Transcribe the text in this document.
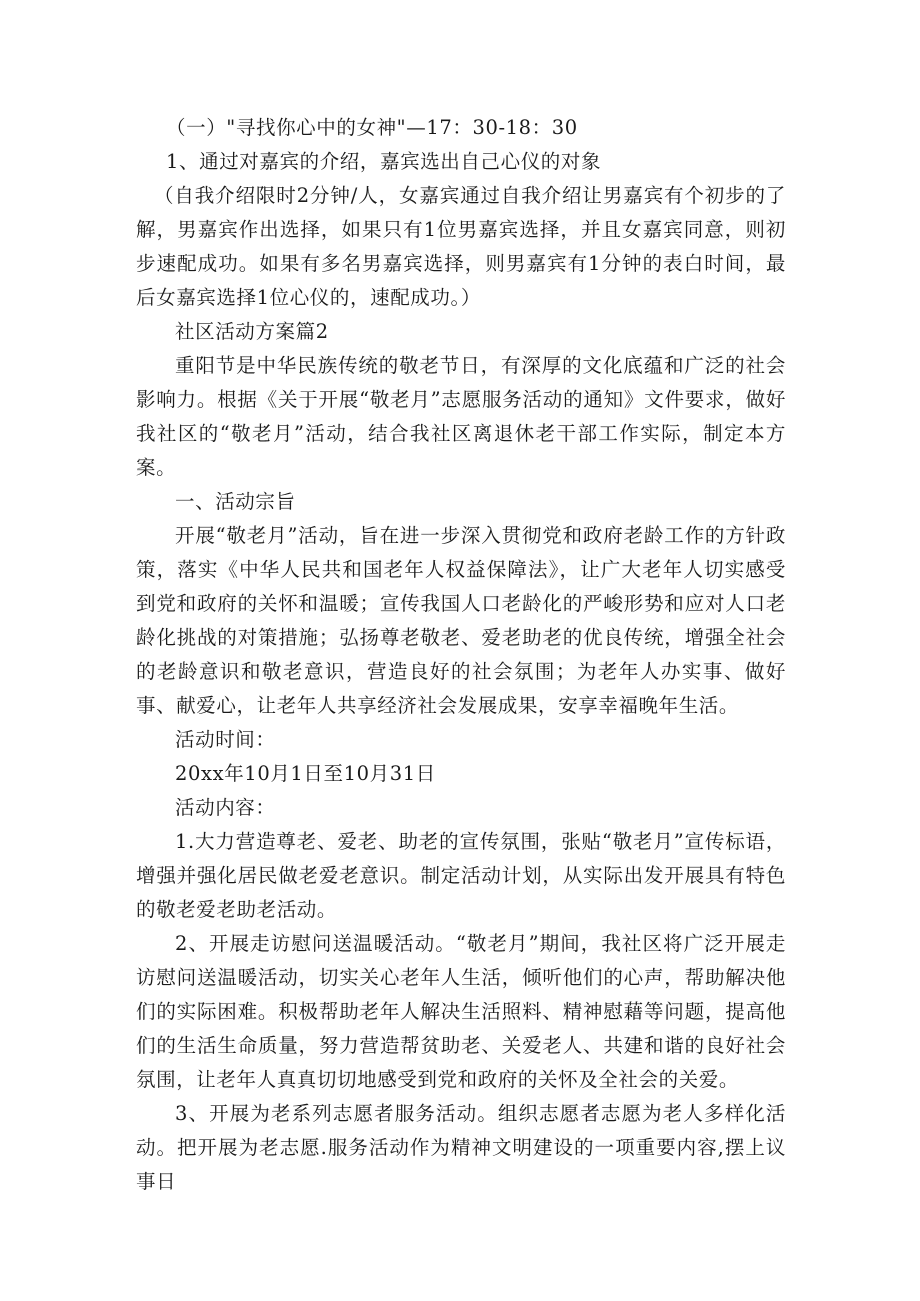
（一）"寻找你心中的女神"—17：30-18：30

1、通过对嘉宾的介绍，嘉宾选出自己心仪的对象

（自我介绍限时2分钟/人，女嘉宾通过自我介绍让男嘉宾有个初步的了解，男嘉宾作出选择，如果只有1位男嘉宾选择，并且女嘉宾同意，则初步速配成功。如果有多名男嘉宾选择，则男嘉宾有1分钟的表白时间，最后女嘉宾选择1位心仪的，速配成功。）

社区活动方案篇2

重阳节是中华民族传统的敬老节日，有深厚的文化底蕴和广泛的社会影响力。根据《关于开展“敬老月”志愿服务活动的通知》文件要求，做好我社区的“敬老月”活动，结合我社区离退休老干部工作实际，制定本方案。

一、活动宗旨

开展“敬老月”活动，旨在进一步深入贯彻党和政府老龄工作的方针政策，落实《中华人民共和国老年人权益保障法》，让广大老年人切实感受到党和政府的关怀和温暖；宣传我国人口老龄化的严峻形势和应对人口老龄化挑战的对策措施；弘扬尊老敬老、爱老助老的优良传统，增强全社会的老龄意识和敬老意识，营造良好的社会氛围；为老年人办实事、做好事、献爱心，让老年人共享经济社会发展成果，安享幸福晚年生活。

活动时间：

20xx年10月1日至10月31日

活动内容：

1.大力营造尊老、爱老、助老的宣传氛围，张贴“敬老月”宣传标语，增强并强化居民做老爱老意识。制定活动计划，从实际出发开展具有特色的敬老爱老助老活动。

2、开展走访慰问送温暖活动。“敬老月”期间，我社区将广泛开展走访慰问送温暖活动，切实关心老年人生活，倾听他们的心声，帮助解决他们的实际困难。积极帮助老年人解决生活照料、精神慰藉等问题，提高他们的生活生命质量，努力营造帮贫助老、关爱老人、共建和谐的良好社会氛围，让老年人真真切切地感受到党和政府的关怀及全社会的关爱。

3、开展为老系列志愿者服务活动。组织志愿者志愿为老人多样化活动。把开展为老志愿.服务活动作为精神文明建设的一项重要内容,摆上议事日
